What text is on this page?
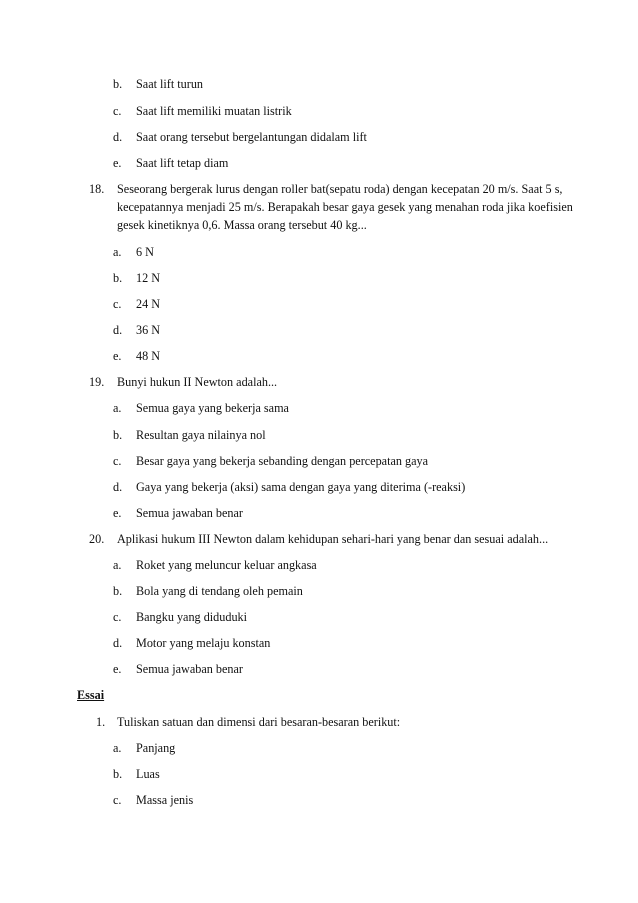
b.	Saat lift turun
c.	Saat lift memiliki muatan listrik
d.	Saat orang tersebut bergelantungan didalam lift
e.	Saat lift tetap diam
18. Seseorang bergerak lurus dengan roller bat(sepatu roda) dengan kecepatan 20 m/s. Saat 5 s,
kecepatannya menjadi 25 m/s. Berapakah besar gaya gesek yang menahan roda jika koefisien
gesek kinetiknya 0,6. Massa orang tersebut 40 kg...
a.	6 N
b.	12 N
c.	24 N
d.	36 N
e.	48 N
19. Bunyi hukun II Newton adalah...
a.	Semua gaya yang bekerja sama
b.	Resultan gaya nilainya nol
c.	Besar gaya yang bekerja sebanding dengan percepatan gaya
d.	Gaya yang bekerja (aksi) sama dengan gaya yang diterima (-reaksi)
e.	Semua jawaban benar
20. Aplikasi hukum III Newton dalam kehidupan sehari-hari yang benar dan sesuai adalah...
a.	Roket yang meluncur keluar angkasa
b.	Bola yang di tendang oleh pemain
c.	Bangku yang diduduki
d.	Motor yang melaju konstan
e.	Semua jawaban benar
Essai
1. Tuliskan satuan dan dimensi dari besaran-besaran berikut:
a.	Panjang
b.	Luas
c.	Massa jenis
